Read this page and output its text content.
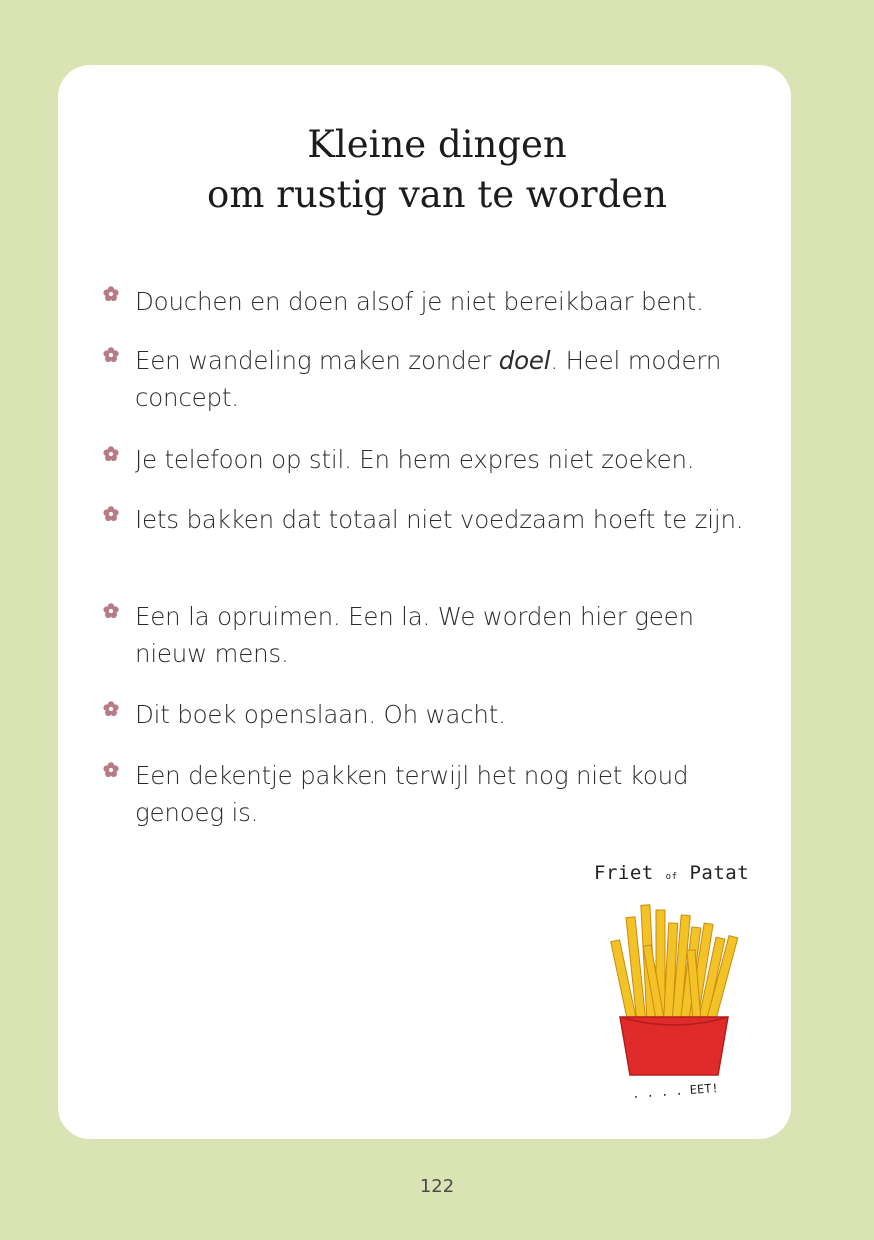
Kleine dingen
om rustig van te worden
Douchen en doen alsof je niet bereikbaar bent.
Een wandeling maken zonder doel. Heel modern concept.
Je telefoon op stil. En hem expres niet zoeken.
Iets bakken dat totaal niet voedzaam hoeft te zijn.
Een la opruimen. Een la. We worden hier geen nieuw mens.
Dit boek openslaan. Oh wacht.
Een dekentje pakken terwijl het nog niet koud genoeg is.
Friet of Patat
. . . . EET!
122
